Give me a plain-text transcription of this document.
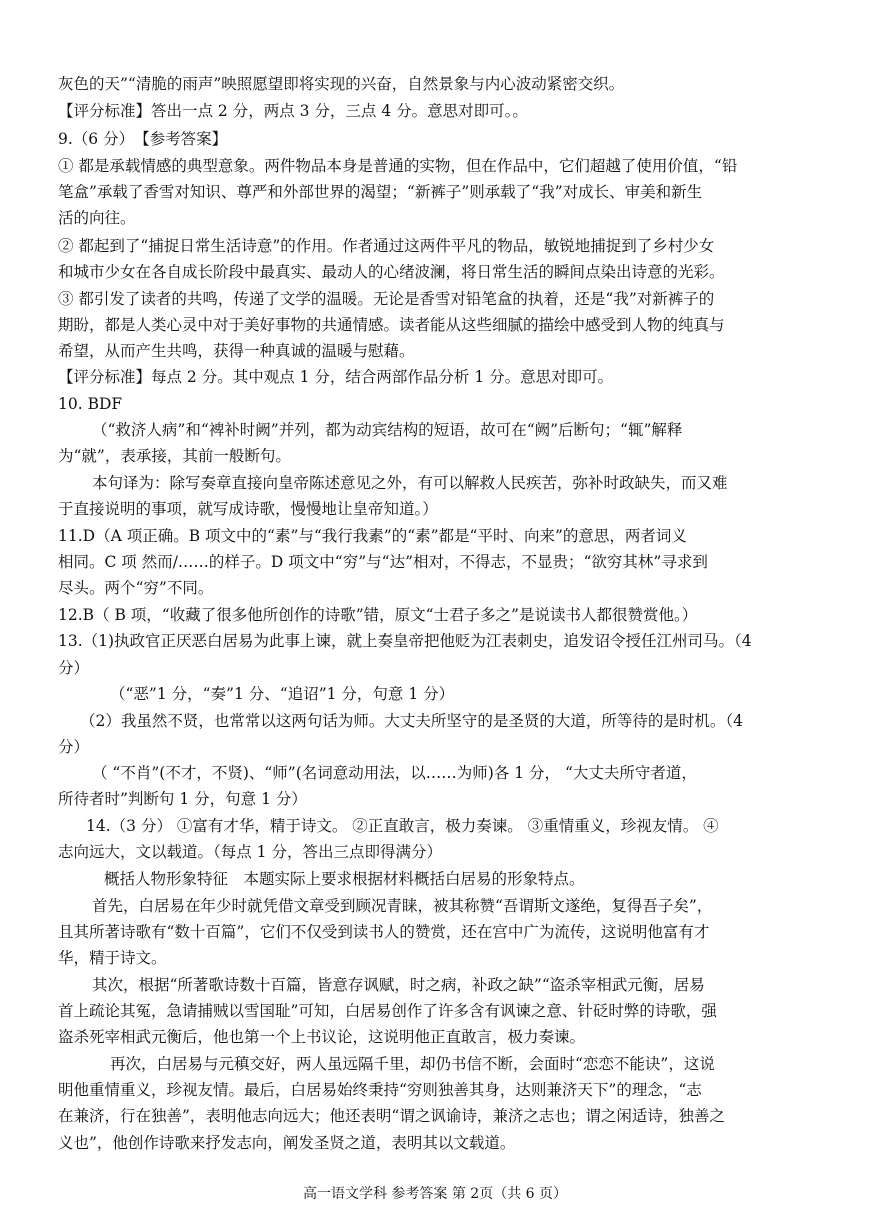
灰色的天”“清脆的雨声”映照愿望即将实现的兴奋，自然景象与内心波动紧密交织。
【评分标准】答出一点 2 分，两点 3 分，三点 4 分。意思对即可。。
9.（6 分）　【参考答案】
① 都是承载情感的典型意象。两件物品本身是普通的实物，但在作品中，它们超越了使用价值，“铅
笔盒”承载了香雪对知识、尊严和外部世界的渴望；“新裤子”则承载了“我”对成长、审美和新生
活的向往。
② 都起到了“捕捉日常生活诗意”的作用。作者通过这两件平凡的物品，敏锐地捕捉到了乡村少女
和城市少女在各自成长阶段中最真实、最动人的心绪波澜，将日常生活的瞬间点染出诗意的光彩。
③ 都引发了读者的共鸣，传递了文学的温暖。无论是香雪对铅笔盒的执着，还是“我”对新裤子的
期盼，都是人类心灵中对于美好事物的共通情感。读者能从这些细腻的描绘中感受到人物的纯真与
希望，从而产生共鸣，获得一种真诚的温暖与慰藉。
【评分标准】每点 2 分。其中观点 1 分，结合两部作品分析 1 分。意思对即可。
10. BDF
（“救济人病”和“裨补时阙”并列，都为动宾结构的短语，故可在“阙”后断句；“辄”解释
为“就”，表承接，其前一般断句。
本句译为：除写奏章直接向皇帝陈述意见之外，有可以解救人民疾苦，弥补时政缺失，而又难
于直接说明的事项，就写成诗歌，慢慢地让皇帝知道。）
11.D（A 项正确。B 项文中的“素”与“我行我素”的“素”都是“平时、向来”的意思，两者词义
相同。C 项 然而/……的样子。D 项文中“穷”与“达”相对，不得志，不显贵；“欲穷其林”寻求到
尽头。两个“穷”不同。
12.B（ B 项，“收藏了很多他所创作的诗歌”错，原文“士君子多之”是说读书人都很赞赏他。）
13.（1)执政官正厌恶白居易为此事上谏，就上奏皇帝把他贬为江表刺史，追发诏令授任江州司马。（4
分）
（“恶”1 分，“奏”1 分、“追诏”1 分，句意 1 分）
（2）我虽然不贤，也常常以这两句话为师。大丈夫所坚守的是圣贤的大道，所等待的是时机。（4
分）
（ “不肖”(不才，不贤)、“师”(名词意动用法，以……为师)各 1 分， “大丈夫所守者道，
所待者时”判断句 1 分，句意 1 分）
14.（3 分） ①富有才华，精于诗文。 ②正直敢言，极力奏谏。 ③重情重义，珍视友情。 ④
志向远大，文以载道。（每点 1 分，答出三点即得满分）
概括人物形象特征　本题实际上要求根据材料概括白居易的形象特点。
首先，白居易在年少时就凭借文章受到顾况青睐，被其称赞“吾谓斯文遂绝，复得吾子矣”，
且其所著诗歌有“数十百篇”，它们不仅受到读书人的赞赏，还在宫中广为流传，这说明他富有才
华，精于诗文。
其次，根据“所著歌诗数十百篇，皆意存讽赋，时之病，补政之缺”“盗杀宰相武元衡，居易
首上疏论其冤，急请捕贼以雪国耻”可知，白居易创作了许多含有讽谏之意、针砭时弊的诗歌，强
盗杀死宰相武元衡后，他也第一个上书议论，这说明他正直敢言，极力奏谏。
再次，白居易与元稹交好，两人虽远隔千里，却仍书信不断，会面时“恋恋不能诀”，这说
明他重情重义，珍视友情。最后，白居易始终秉持“穷则独善其身，达则兼济天下”的理念，“志
在兼济，行在独善”，表明他志向远大；他还表明“谓之讽谕诗，兼济之志也；谓之闲适诗，独善之
义也”，他创作诗歌来抒发志向，阐发圣贤之道，表明其以文载道。
高一语文学科 参考答案 第 2页（共 6 页）
